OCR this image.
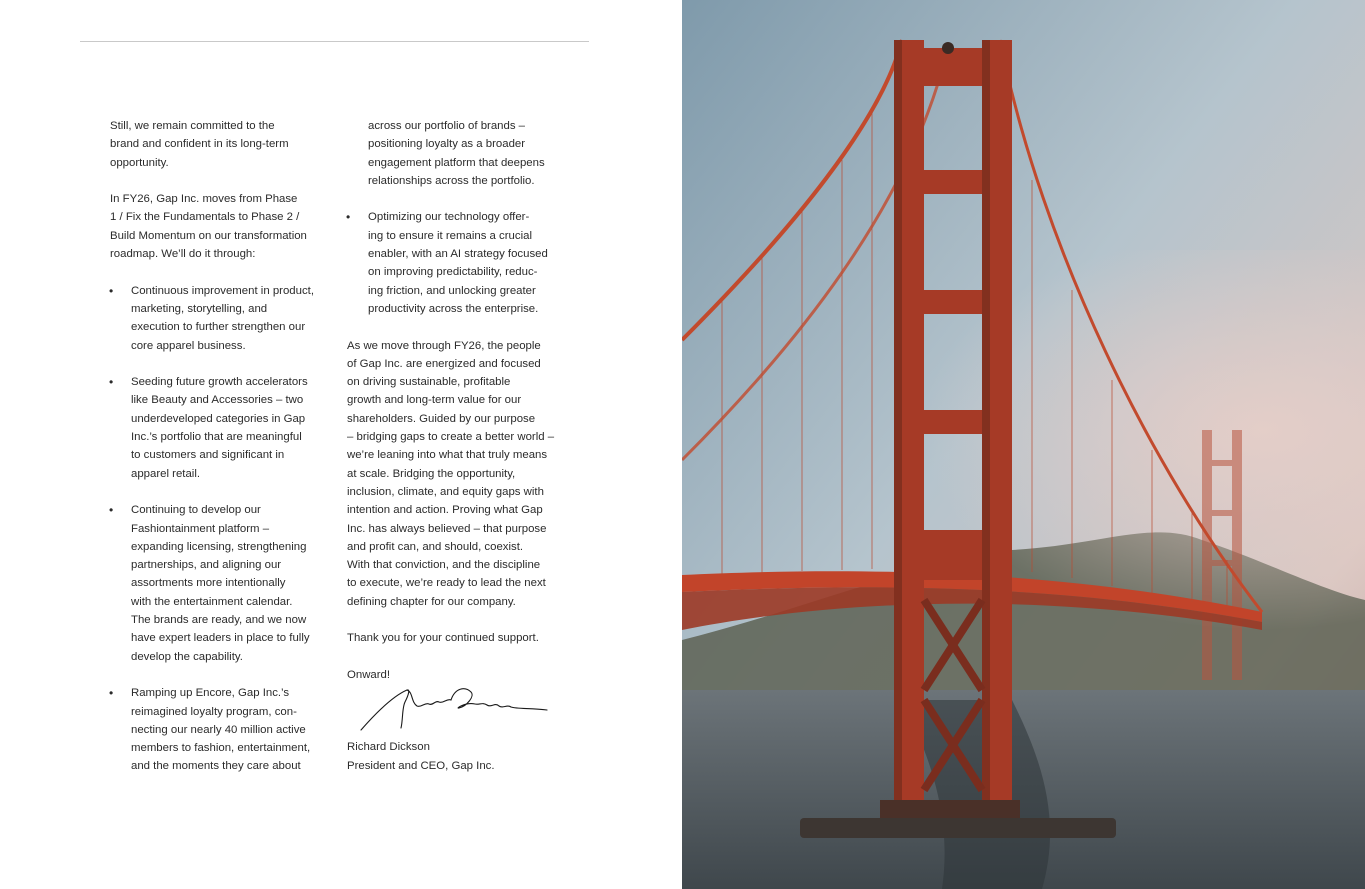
Still, we remain committed to the

brand and confident in its long-term

opportunity.

In FY26, Gap Inc. moves from Phase

1 / Fix the Fundamentals to Phase 2 /

Build Momentum on our transformation

roadmap. We’ll do it through:

• Continuous improvement in product,

marketing, storytelling, and

execution to further strengthen our

core apparel business.

• Seeding future growth accelerators

like Beauty and Accessories – two

underdeveloped categories in Gap

Inc.’s portfolio that are meaningful

to customers and significant in

apparel retail.

• Continuing to develop our

Fashiontainment platform –

expanding licensing, strengthening

partnerships, and aligning our

assortments more intentionally

with the entertainment calendar.

The brands are ready, and we now

have expert leaders in place to fully

develop the capability.

• Ramping up Encore, Gap Inc.’s

reimagined loyalty program, con-

necting our nearly 40 million active

members to fashion, entertainment,

and the moments they care about

across our portfolio of brands –

positioning loyalty as a broader

engagement platform that deepens

relationships across the portfolio.

• Optimizing our technology offer-

ing to ensure it remains a crucial

enabler, with an AI strategy focused

on improving predictability, reduc-

ing friction, and unlocking greater

productivity across the enterprise.

As we move through FY26, the people

of Gap Inc. are energized and focused

on driving sustainable, profitable

growth and long-term value for our

shareholders. Guided by our purpose

– bridging gaps to create a better world –

we’re leaning into what that truly means

at scale. Bridging the opportunity,

inclusion, climate, and equity gaps with

intention and action. Proving what Gap

Inc. has always believed – that purpose

and profit can, and should, coexist.

With that conviction, and the discipline

to execute, we’re ready to lead the next

defining chapter for our company.

Thank you for your continued support.

Onward!

Richard Dickson

President and CEO, Gap Inc.
